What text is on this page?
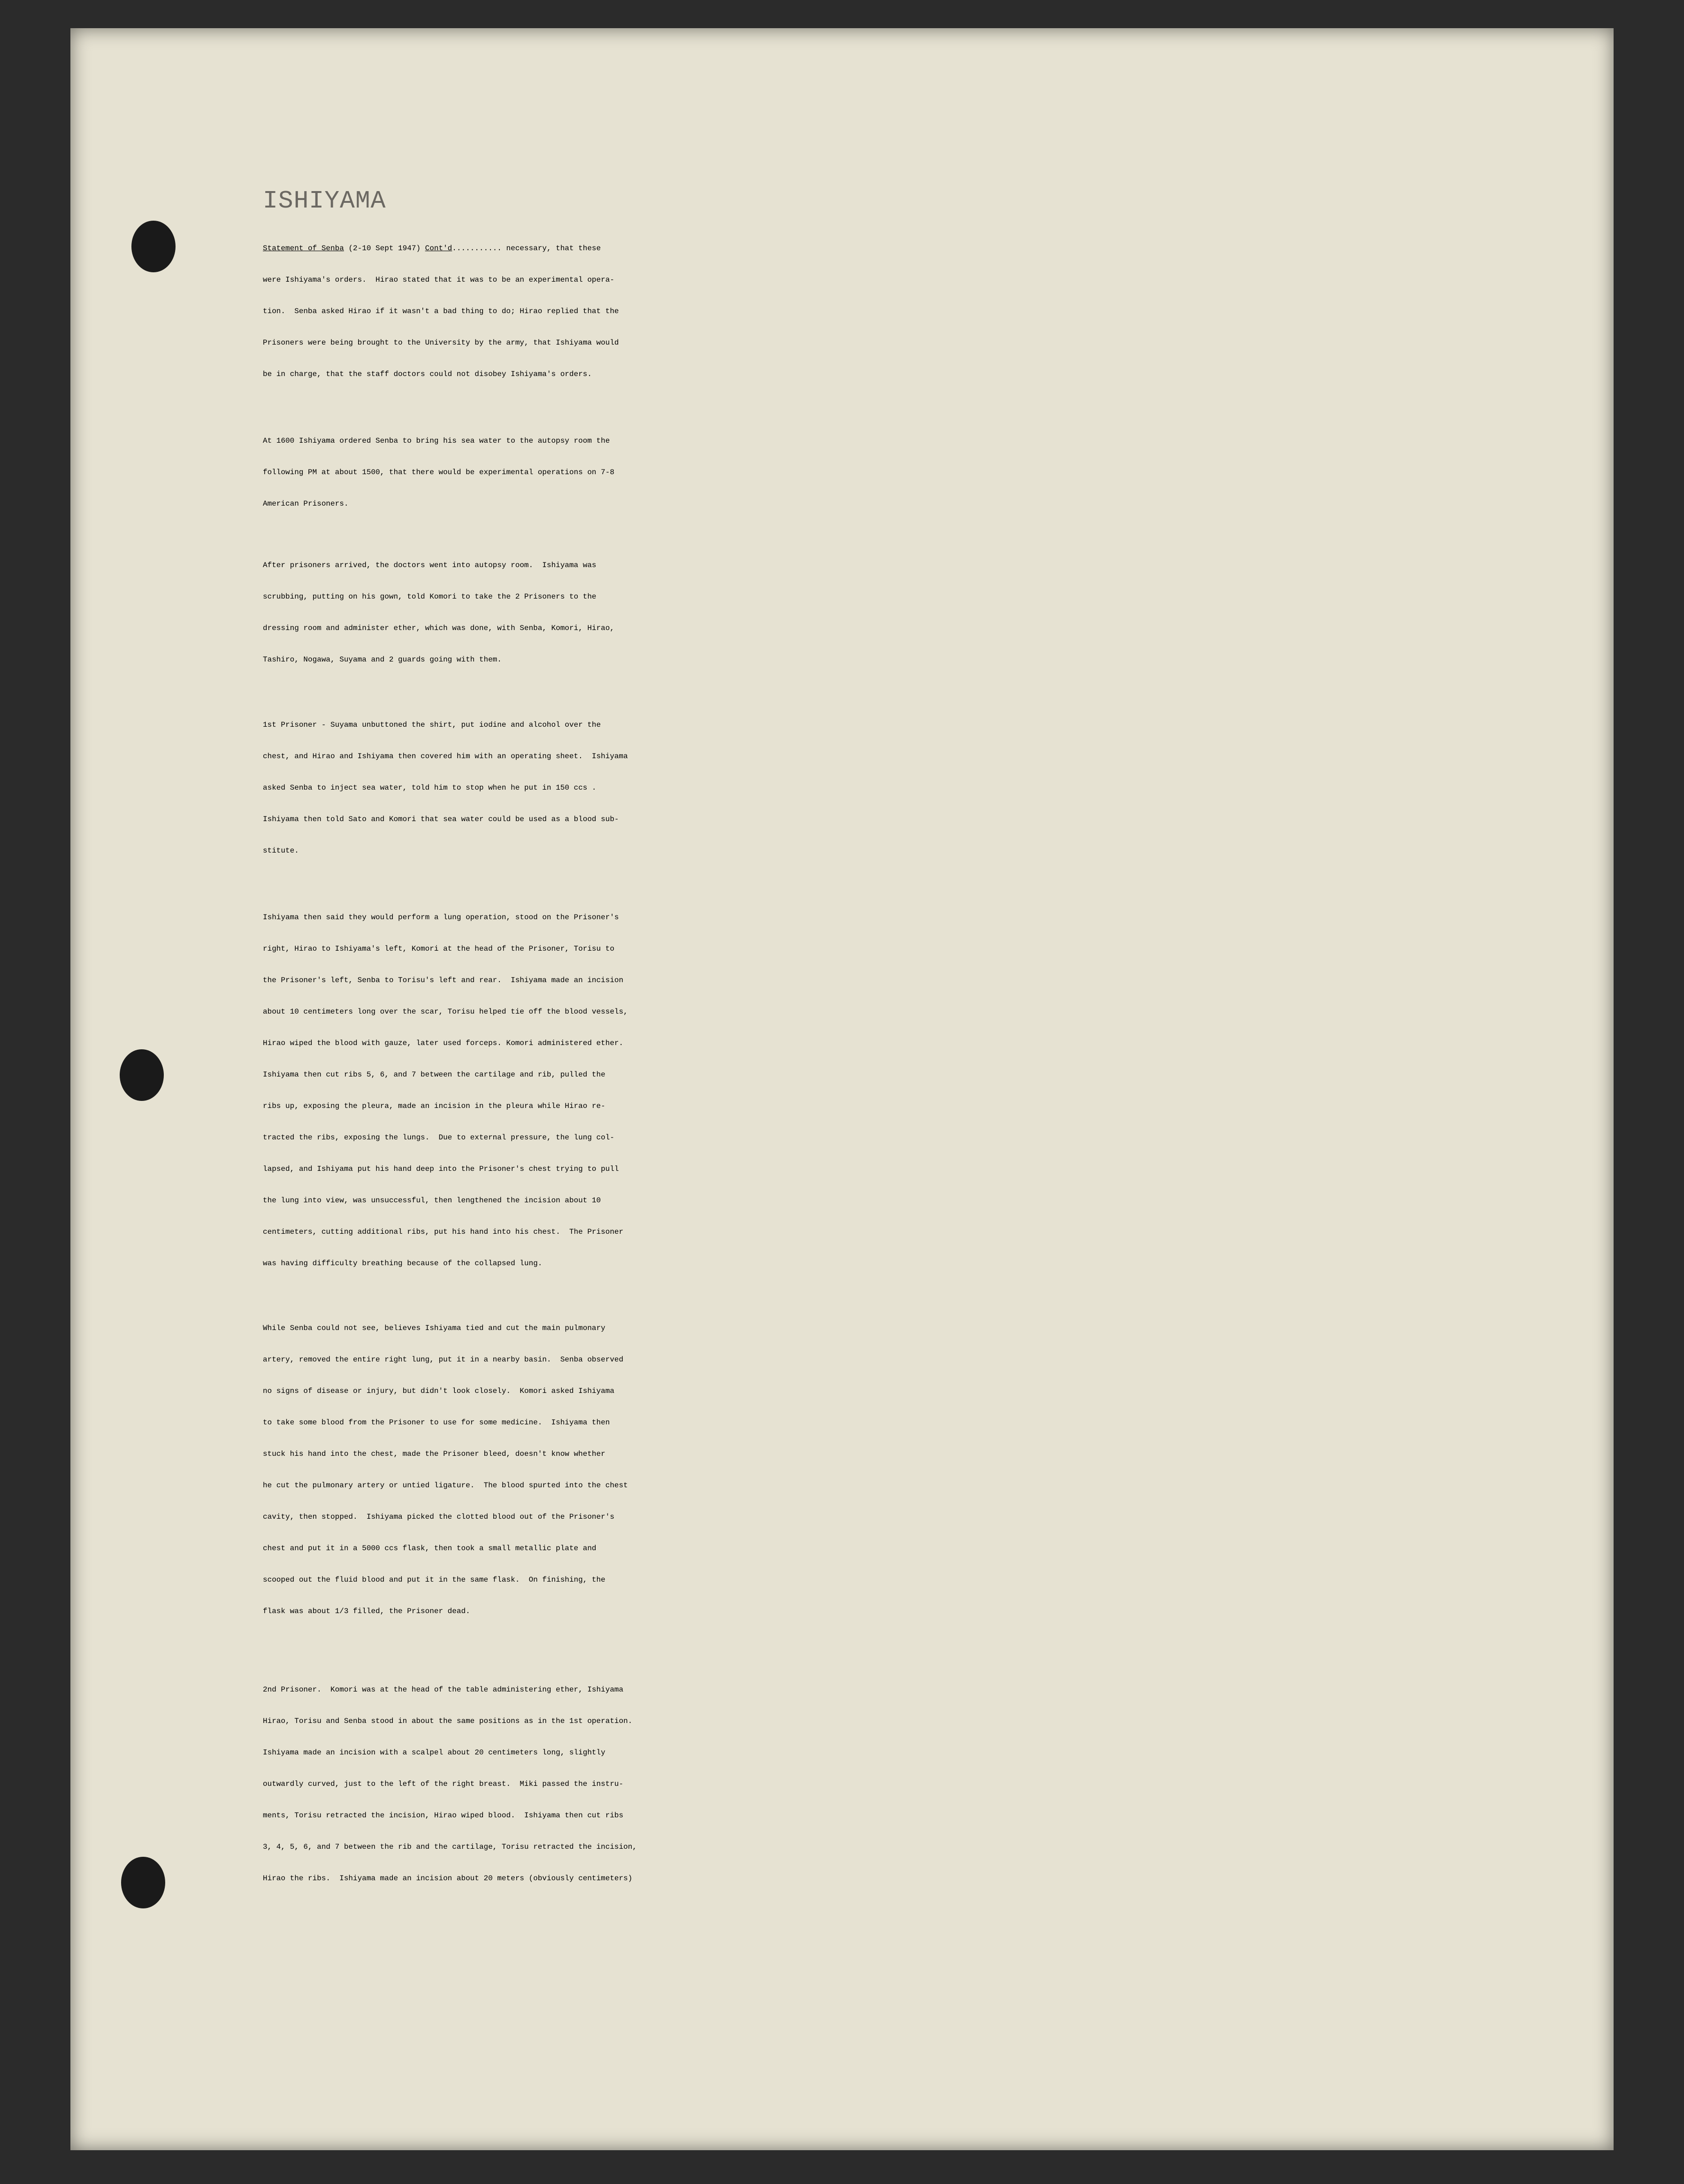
ISHIYAMA
Statement of Senba (2-10 Sept 1947) Cont'd........... necessary, that these
were Ishiyama's orders.  Hirao stated that it was to be an experimental opera-
tion.  Senba asked Hirao if it wasn't a bad thing to do; Hirao replied that the
Prisoners were being brought to the University by the army, that Ishiyama would
be in charge, that the staff doctors could not disobey Ishiyama's orders.
At 1600 Ishiyama ordered Senba to bring his sea water to the autopsy room the
following PM at about 1500, that there would be experimental operations on 7-8
American Prisoners.
After prisoners arrived, the doctors went into autopsy room.  Ishiyama was
scrubbing, putting on his gown, told Komori to take the 2 Prisoners to the
dressing room and administer ether, which was done, with Senba, Komori, Hirao,
Tashiro, Nogawa, Suyama and 2 guards going with them.
1st Prisoner - Suyama unbuttoned the shirt, put iodine and alcohol over the
chest, and Hirao and Ishiyama then covered him with an operating sheet.  Ishiyama
asked Senba to inject sea water, told him to stop when he put in 150 ccs .
Ishiyama then told Sato and Komori that sea water could be used as a blood sub-
stitute.
Ishiyama then said they would perform a lung operation, stood on the Prisoner's
right, Hirao to Ishiyama's left, Komori at the head of the Prisoner, Torisu to
the Prisoner's left, Senba to Torisu's left and rear.  Ishiyama made an incision
about 10 centimeters long over the scar, Torisu helped tie off the blood vessels,
Hirao wiped the blood with gauze, later used forceps. Komori administered ether.
Ishiyama then cut ribs 5, 6, and 7 between the cartilage and rib, pulled the
ribs up, exposing the pleura, made an incision in the pleura while Hirao re-
tracted the ribs, exposing the lungs.  Due to external pressure, the lung col-
lapsed, and Ishiyama put his hand deep into the Prisoner's chest trying to pull
the lung into view, was unsuccessful, then lengthened the incision about 10
centimeters, cutting additional ribs, put his hand into his chest.  The Prisoner
was having difficulty breathing because of the collapsed lung.
While Senba could not see, believes Ishiyama tied and cut the main pulmonary
artery, removed the entire right lung, put it in a nearby basin.  Senba observed
no signs of disease or injury, but didn't look closely.  Komori asked Ishiyama
to take some blood from the Prisoner to use for some medicine.  Ishiyama then
stuck his hand into the chest, made the Prisoner bleed, doesn't know whether
he cut the pulmonary artery or untied ligature.  The blood spurted into the chest
cavity, then stopped.  Ishiyama picked the clotted blood out of the Prisoner's
chest and put it in a 5000 ccs flask, then took a small metallic plate and
scooped out the fluid blood and put it in the same flask.  On finishing, the
flask was about 1/3 filled, the Prisoner dead.
2nd Prisoner.  Komori was at the head of the table administering ether, Ishiyama
Hirao, Torisu and Senba stood in about the same positions as in the 1st operation.
Ishiyama made an incision with a scalpel about 20 centimeters long, slightly
outwardly curved, just to the left of the right breast.  Miki passed the instru-
ments, Torisu retracted the incision, Hirao wiped blood.  Ishiyama then cut ribs
3, 4, 5, 6, and 7 between the rib and the cartilage, Torisu retracted the incision,
Hirao the ribs.  Ishiyama made an incision about 20 meters (obviously centimeters)
